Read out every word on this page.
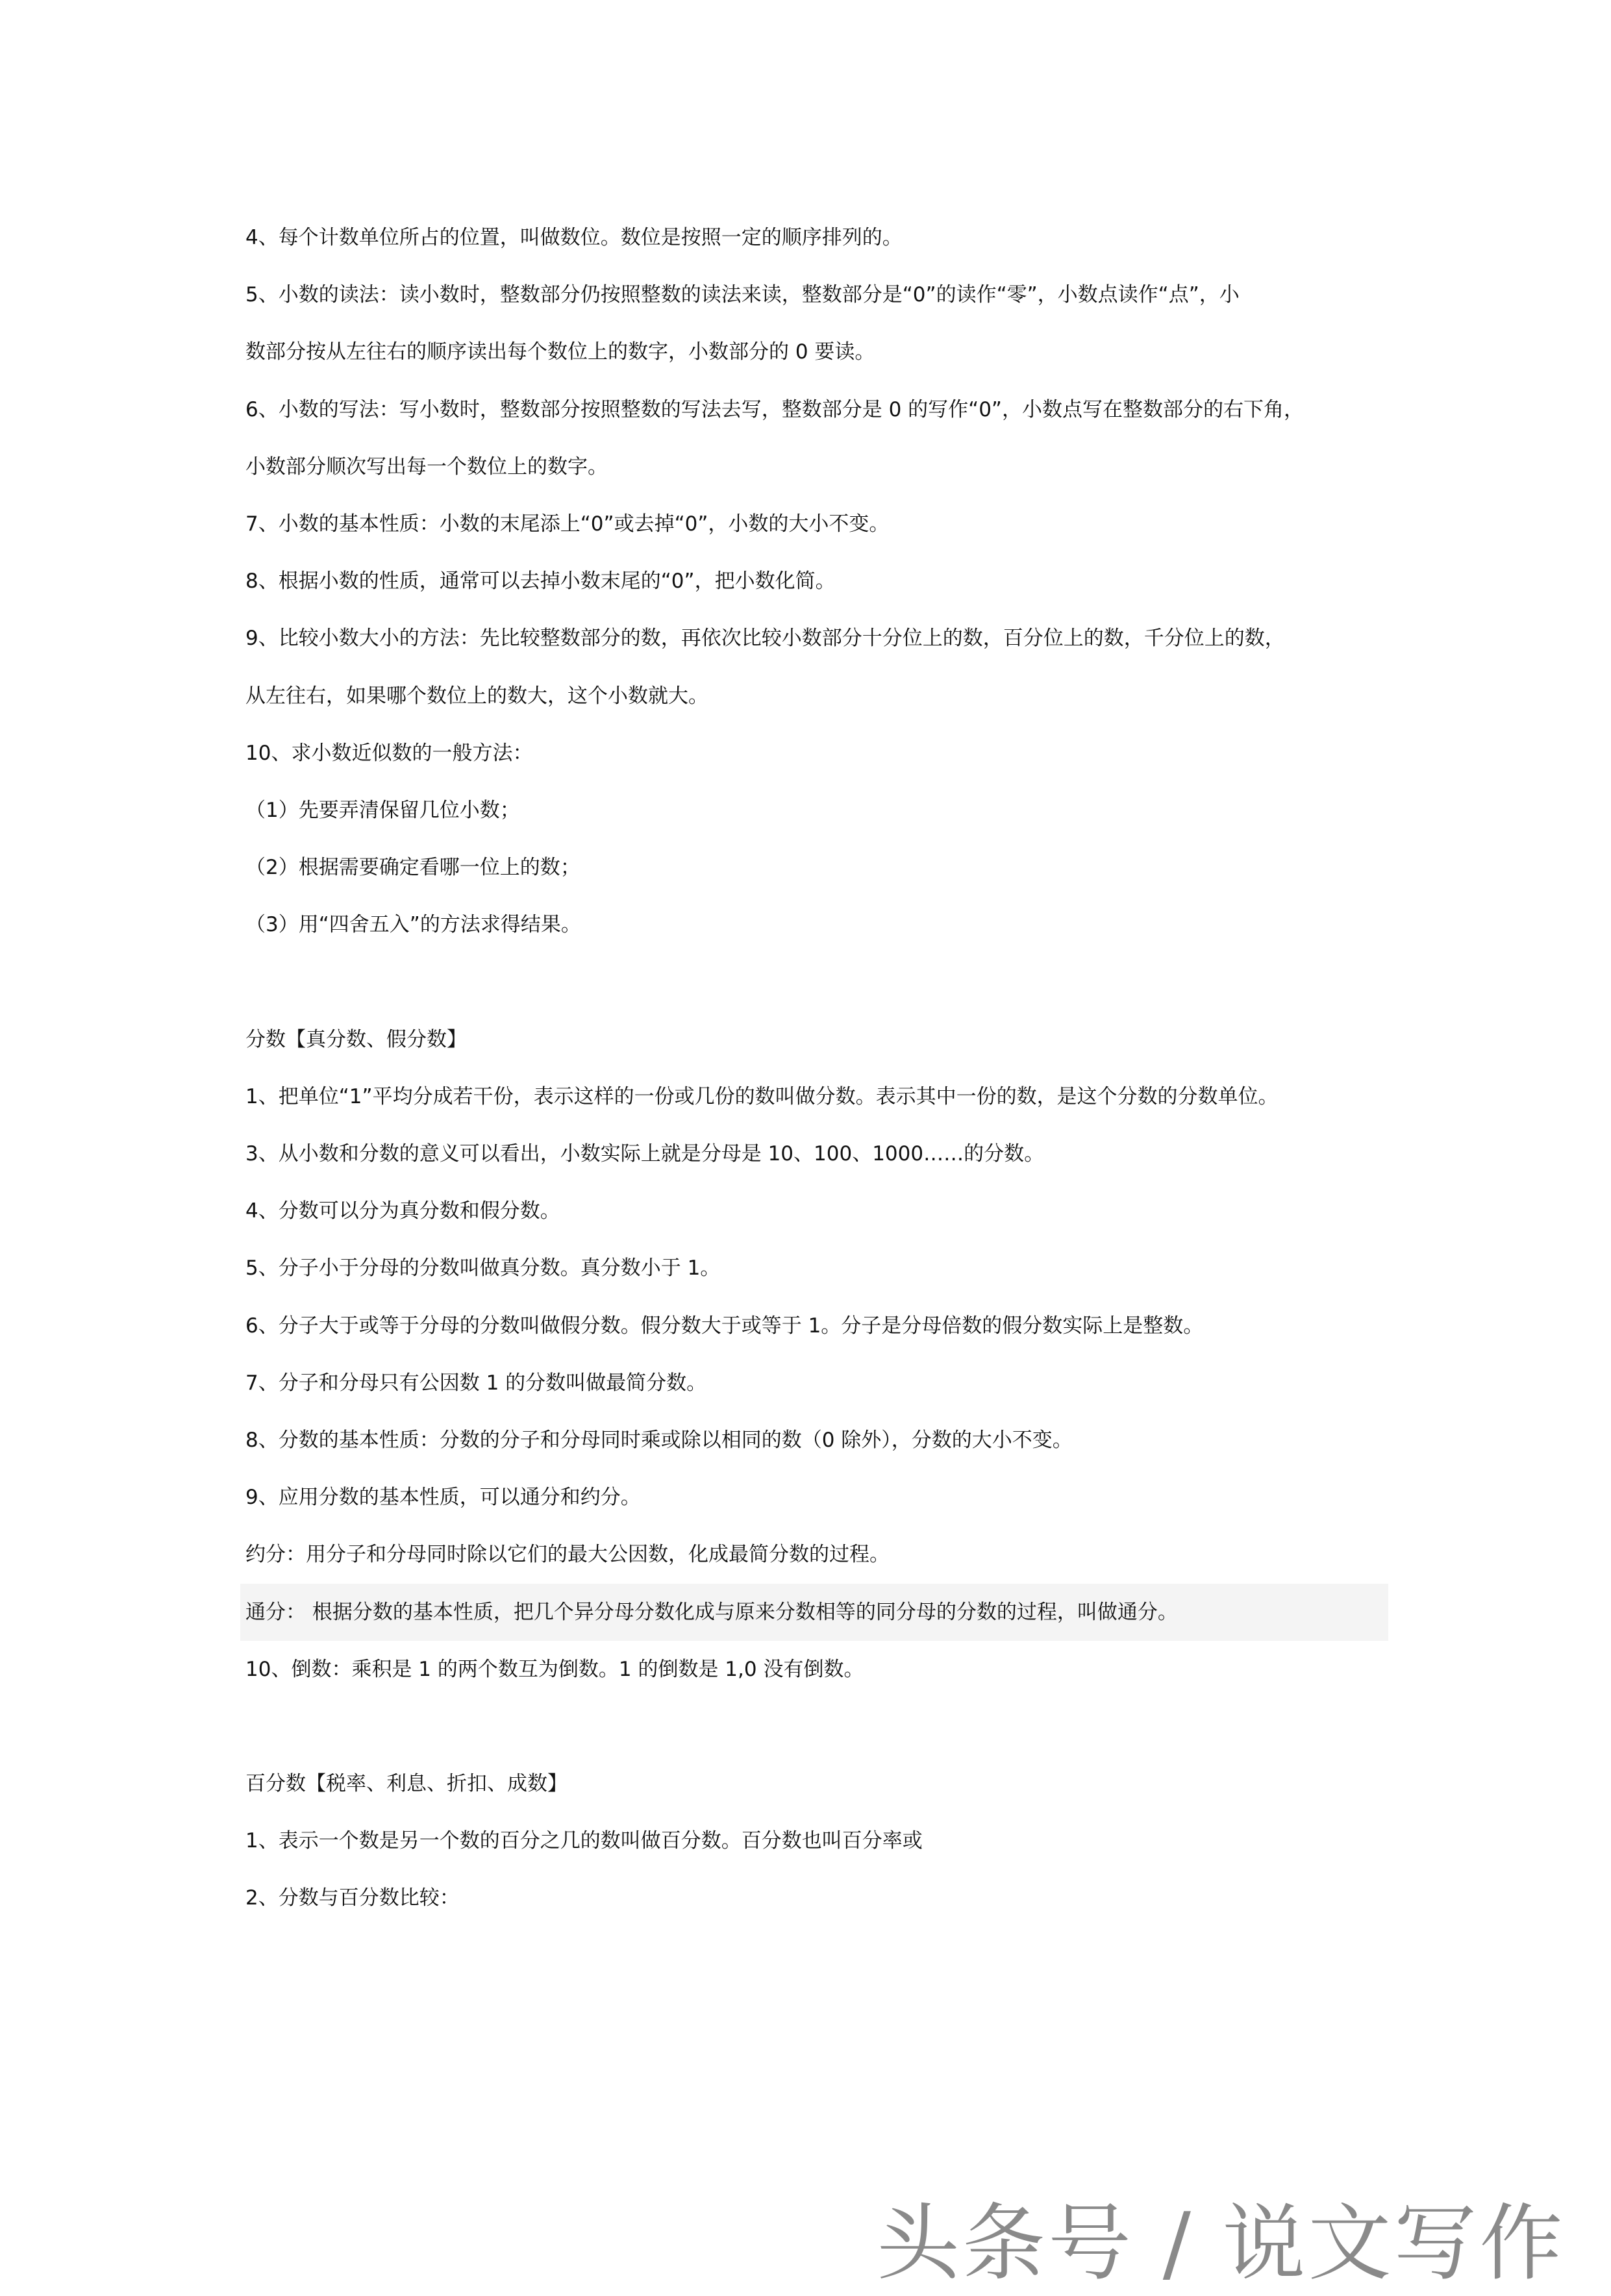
4、每个计数单位所占的位置，叫做数位。数位是按照一定的顺序排列的。
5、小数的读法：读小数时，整数部分仍按照整数的读法来读，整数部分是“0”的读作“零”，小数点读作“点”，小
数部分按从左往右的顺序读出每个数位上的数字，小数部分的 0 要读。
6、小数的写法：写小数时，整数部分按照整数的写法去写，整数部分是 0 的写作“0”，小数点写在整数部分的右下角，
小数部分顺次写出每一个数位上的数字。
7、小数的基本性质：小数的末尾添上“0”或去掉“0”，小数的大小不变。
8、根据小数的性质，通常可以去掉小数末尾的“0”，把小数化简。
9、比较小数大小的方法：先比较整数部分的数，再依次比较小数部分十分位上的数，百分位上的数，千分位上的数，
从左往右，如果哪个数位上的数大，这个小数就大。
10、求小数近似数的一般方法：
（1）先要弄清保留几位小数；
（2）根据需要确定看哪一位上的数；
（3）用“四舍五入”的方法求得结果。
分数【真分数、假分数】
1、把单位“1”平均分成若干份，表示这样的一份或几份的数叫做分数。表示其中一份的数，是这个分数的分数单位。
3、从小数和分数的意义可以看出，小数实际上就是分母是 10、100、1000……的分数。
4、分数可以分为真分数和假分数。
5、分子小于分母的分数叫做真分数。真分数小于 1。
6、分子大于或等于分母的分数叫做假分数。假分数大于或等于 1。分子是分母倍数的假分数实际上是整数。
7、分子和分母只有公因数 1 的分数叫做最简分数。
8、分数的基本性质：分数的分子和分母同时乘或除以相同的数（0 除外），分数的大小不变。
9、应用分数的基本性质，可以通分和约分。
约分：用分子和分母同时除以它们的最大公因数，化成最简分数的过程。
通分： 根据分数的基本性质，把几个异分母分数化成与原来分数相等的同分母的分数的过程，叫做通分。
10、倒数：乘积是 1 的两个数互为倒数。1 的倒数是 1,0 没有倒数。
百分数【税率、利息、折扣、成数】
1、表示一个数是另一个数的百分之几的数叫做百分数。百分数也叫百分率或
2、分数与百分数比较：
头条号 / 说文写作
